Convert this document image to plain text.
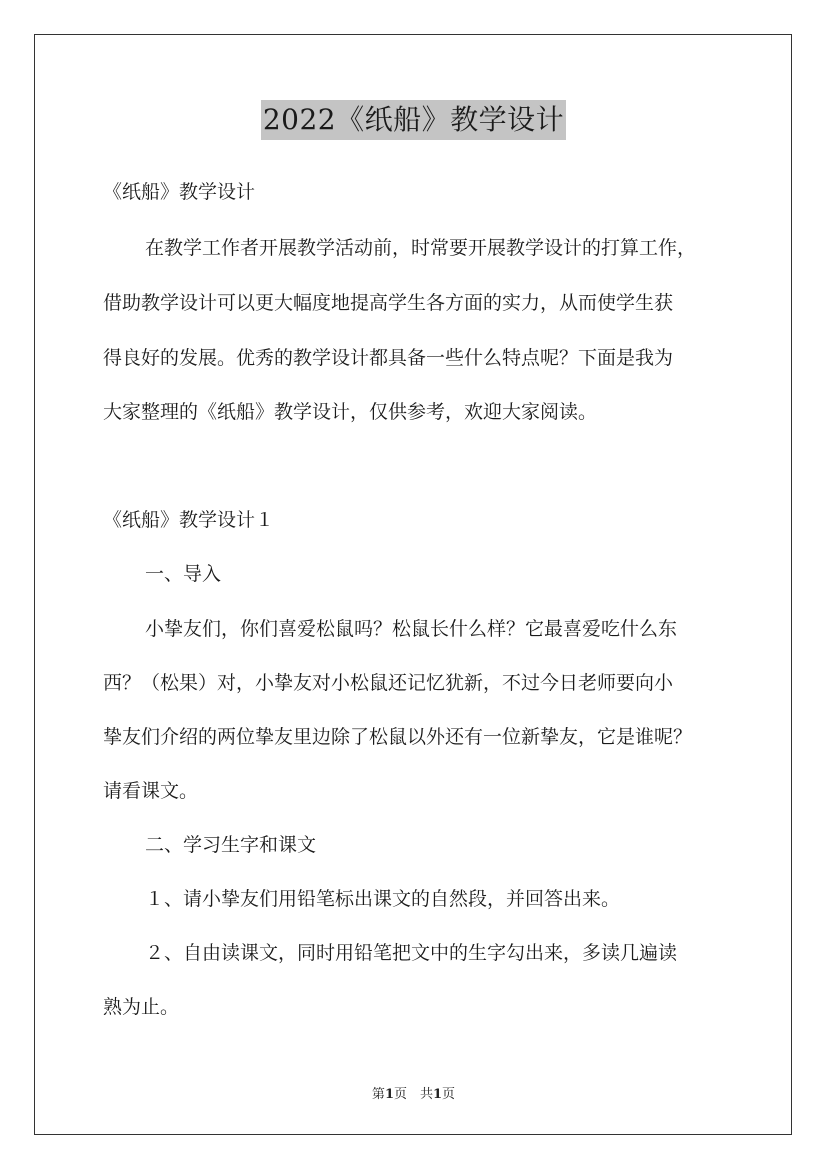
2022《纸船》教学设计
《纸船》教学设计
在教学工作者开展教学活动前，时常要开展教学设计的打算工作，
借助教学设计可以更大幅度地提高学生各方面的实力，从而使学生获
得良好的发展。优秀的教学设计都具备一些什么特点呢？下面是我为
大家整理的《纸船》教学设计，仅供参考，欢迎大家阅读。
《纸船》教学设计１
一、导入
小挚友们，你们喜爱松鼠吗？松鼠长什么样？它最喜爱吃什么东
西？（松果）对，小挚友对小松鼠还记忆犹新，不过今日老师要向小
挚友们介绍的两位挚友里边除了松鼠以外还有一位新挚友，它是谁呢？
请看课文。
二、学习生字和课文
１、请小挚友们用铅笔标出课文的自然段，并回答出来。
２、自由读课文，同时用铅笔把文中的生字勾出来，多读几遍读
熟为止。
第1页　共1页
